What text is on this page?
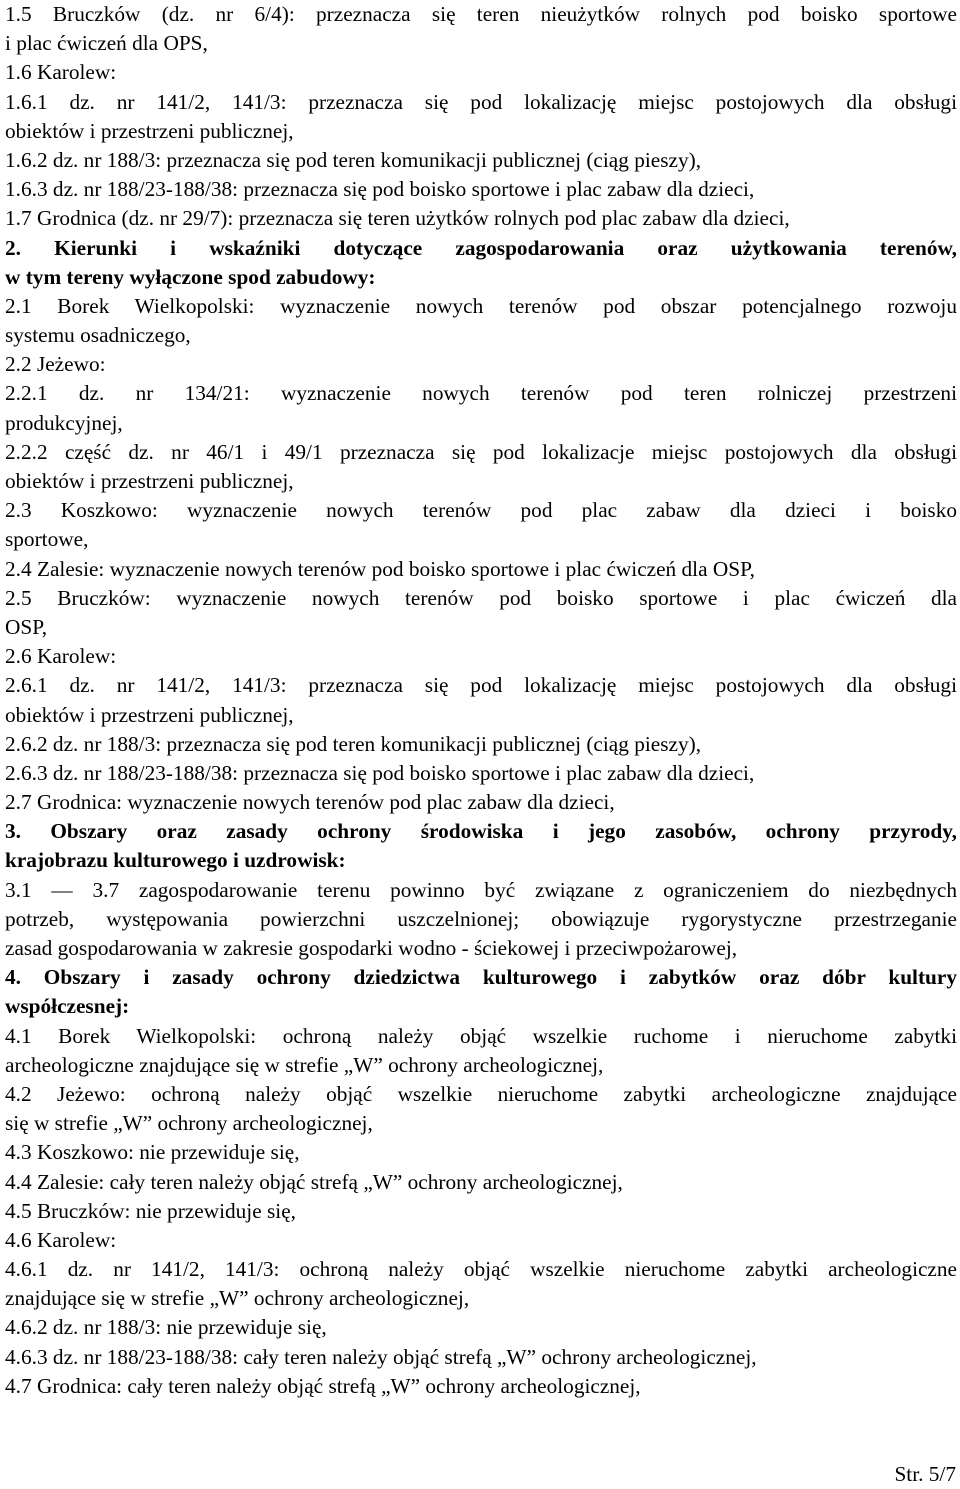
1.5 Bruczków (dz. nr 6/4): przeznacza się teren nieużytków rolnych pod boisko sportowe
i plac ćwiczeń dla OPS,
1.6 Karolew:
1.6.1 dz. nr 141/2, 141/3: przeznacza się pod lokalizację miejsc postojowych dla obsługi
obiektów i przestrzeni publicznej,
1.6.2 dz. nr 188/3: przeznacza się pod teren komunikacji publicznej (ciąg pieszy),
1.6.3 dz. nr 188/23-188/38: przeznacza się pod boisko sportowe i plac zabaw dla dzieci,
1.7 Grodnica (dz. nr 29/7): przeznacza się teren użytków rolnych pod plac zabaw dla dzieci,
2. Kierunki i wskaźniki dotyczące zagospodarowania oraz użytkowania terenów,
w tym tereny wyłączone spod zabudowy:
2.1 Borek Wielkopolski: wyznaczenie nowych terenów pod obszar potencjalnego rozwoju
systemu osadniczego,
2.2 Jeżewo:
2.2.1 dz. nr 134/21: wyznaczenie nowych terenów pod teren rolniczej przestrzeni
produkcyjnej,
2.2.2 część dz. nr 46/1 i 49/1 przeznacza się pod lokalizacje miejsc postojowych dla obsługi
obiektów i przestrzeni publicznej,
2.3 Koszkowo: wyznaczenie nowych terenów pod plac zabaw dla dzieci i boisko
sportowe,
2.4 Zalesie: wyznaczenie nowych terenów pod boisko sportowe i plac ćwiczeń dla OSP,
2.5 Bruczków: wyznaczenie nowych terenów pod boisko sportowe i plac ćwiczeń dla
OSP,
2.6 Karolew:
2.6.1 dz. nr 141/2, 141/3: przeznacza się pod lokalizację miejsc postojowych dla obsługi
obiektów i przestrzeni publicznej,
2.6.2 dz. nr 188/3: przeznacza się pod teren komunikacji publicznej (ciąg pieszy),
2.6.3 dz. nr 188/23-188/38: przeznacza się pod boisko sportowe i plac zabaw dla dzieci,
2.7 Grodnica: wyznaczenie nowych terenów pod plac zabaw dla dzieci,
3. Obszary oraz zasady ochrony środowiska i jego zasobów, ochrony przyrody,
krajobrazu kulturowego i uzdrowisk:
3.1 — 3.7 zagospodarowanie terenu powinno być związane z ograniczeniem do niezbędnych
potrzeb, występowania powierzchni uszczelnionej; obowiązuje rygorystyczne przestrzeganie
zasad gospodarowania w zakresie gospodarki wodno - ściekowej i przeciwpożarowej,
4. Obszary i zasady ochrony dziedzictwa kulturowego i zabytków oraz dóbr kultury
współczesnej:
4.1 Borek Wielkopolski: ochroną należy objąć wszelkie ruchome i nieruchome zabytki
archeologiczne znajdujące się w strefie „W” ochrony archeologicznej,
4.2 Jeżewo: ochroną należy objąć wszelkie nieruchome zabytki archeologiczne znajdujące
się w strefie „W” ochrony archeologicznej,
4.3 Koszkowo: nie przewiduje się,
4.4 Zalesie: cały teren należy objąć strefą „W” ochrony archeologicznej,
4.5 Bruczków: nie przewiduje się,
4.6 Karolew:
4.6.1 dz. nr 141/2, 141/3: ochroną należy objąć wszelkie nieruchome zabytki archeologiczne
znajdujące się w strefie „W” ochrony archeologicznej,
4.6.2 dz. nr 188/3: nie przewiduje się,
4.6.3 dz. nr 188/23-188/38: cały teren należy objąć strefą „W” ochrony archeologicznej,
4.7 Grodnica: cały teren należy objąć strefą „W” ochrony archeologicznej,
Str. 5/7
